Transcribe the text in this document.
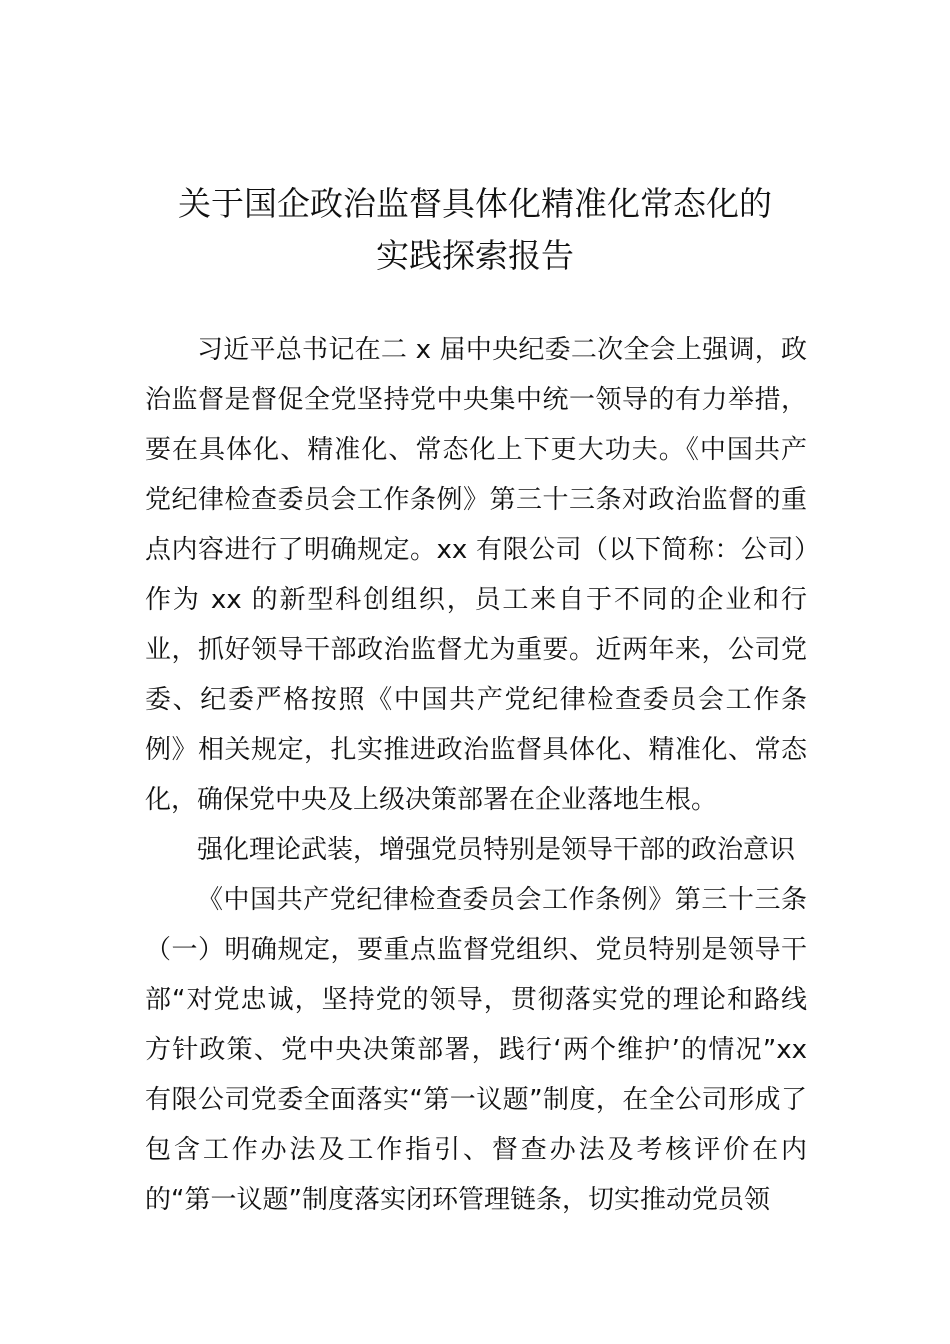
关于国企政治监督具体化精准化常态化的
实践探索报告

习近平总书记在二 x 届中央纪委二次全会上强调，政治监督是督促全党坚持党中央集中统一领导的有力举措，要在具体化、精准化、常态化上下更大功夫。《中国共产党纪律检查委员会工作条例》第三十三条对政治监督的重点内容进行了明确规定。xx 有限公司（以下简称：公司）作为 xx 的新型科创组织，员工来自于不同的企业和行业，抓好领导干部政治监督尤为重要。近两年来，公司党委、纪委严格按照《中国共产党纪律检查委员会工作条例》相关规定，扎实推进政治监督具体化、精准化、常态化，确保党中央及上级决策部署在企业落地生根。

强化理论武装，增强党员特别是领导干部的政治意识

《中国共产党纪律检查委员会工作条例》第三十三条（一）明确规定，要重点监督党组织、党员特别是领导干部“对党忠诚，坚持党的领导，贯彻落实党的理论和路线方针政策、党中央决策部署，践行‘两个维护’的情况”xx 有限公司党委全面落实“第一议题”制度，在全公司形成了包含工作办法及工作指引、督查办法及考核评价在内的“第一议题”制度落实闭环管理链条，切实推动党员领
